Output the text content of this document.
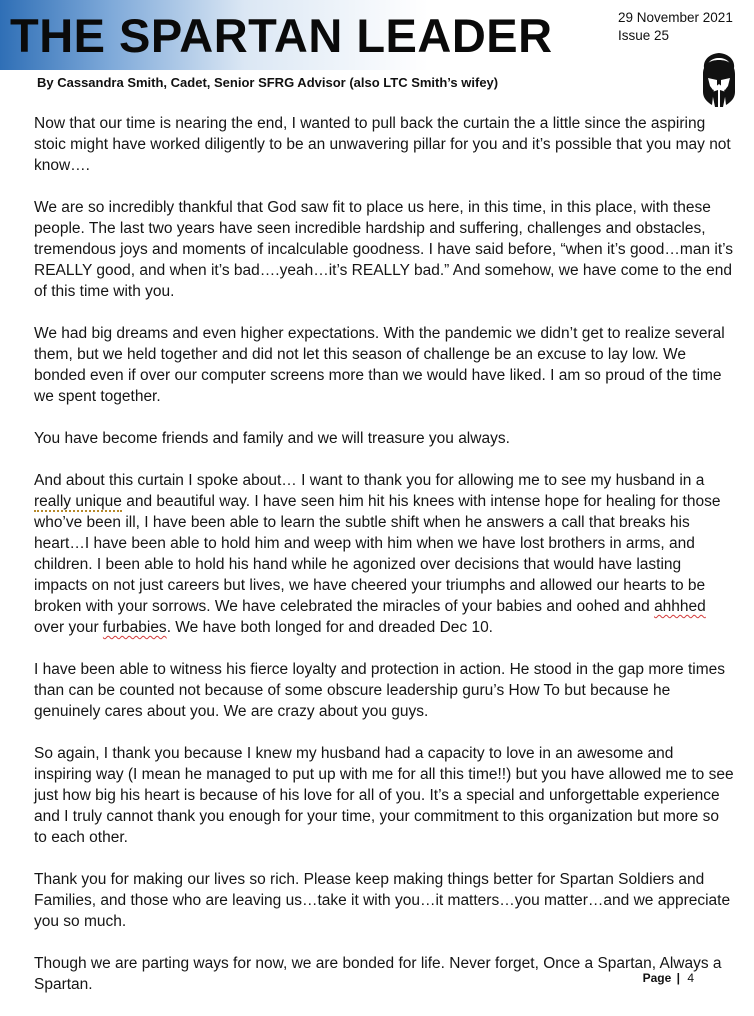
THE SPARTAN LEADER	29 November 2021
Issue 25
By Cassandra Smith, Cadet, Senior SFRG Advisor (also LTC Smith’s wifey)

Now that our time is nearing the end, I wanted to pull back the curtain the a little since the aspiring stoic might have worked diligently to be an unwavering pillar for you and it’s possible that you may not know….

We are so incredibly thankful that God saw fit to place us here, in this time, in this place, with these people. The last two years have seen incredible hardship and suffering, challenges and obstacles, tremendous joys and moments of incalculable goodness. I have said before, “when it’s good…man it’s REALLY good, and when it’s bad….yeah…it’s REALLY bad.” And somehow, we have come to the end of this time with you.

We had big dreams and even higher expectations. With the pandemic we didn’t get to realize several them, but we held together and did not let this season of challenge be an excuse to lay low. We bonded even if over our computer screens more than we would have liked. I am so proud of the time we spent together.

You have become friends and family and we will treasure you always.

And about this curtain I spoke about… I want to thank you for allowing me to see my husband in a really unique and beautiful way. I have seen him hit his knees with intense hope for healing for those who’ve been ill, I have been able to learn the subtle shift when he answers a call that breaks his heart…I have been able to hold him and weep with him when we have lost brothers in arms, and children. I been able to hold his hand while he agonized over decisions that would have lasting impacts on not just careers but lives, we have cheered your triumphs and allowed our hearts to be broken with your sorrows. We have celebrated the miracles of your babies and oohed and ahhhed over your furbabies. We have both longed for and dreaded Dec 10.

I have been able to witness his fierce loyalty and protection in action. He stood in the gap more times than can be counted not because of some obscure leadership guru’s How To but because he genuinely cares about you. We are crazy about you guys.

So again, I thank you because I knew my husband had a capacity to love in an awesome and inspiring way (I mean he managed to put up with me for all this time!!) but you have allowed me to see just how big his heart is because of his love for all of you. It’s a special and unforgettable experience and I truly cannot thank you enough for your time, your commitment to this organization but more so to each other.

Thank you for making our lives so rich. Please keep making things better for Spartan Soldiers and Families, and those who are leaving us…take it with you…it matters…you matter…and we appreciate you so much.

Though we are parting ways for now, we are bonded for life. Never forget, Once a Spartan, Always a Spartan.	Page | 4
